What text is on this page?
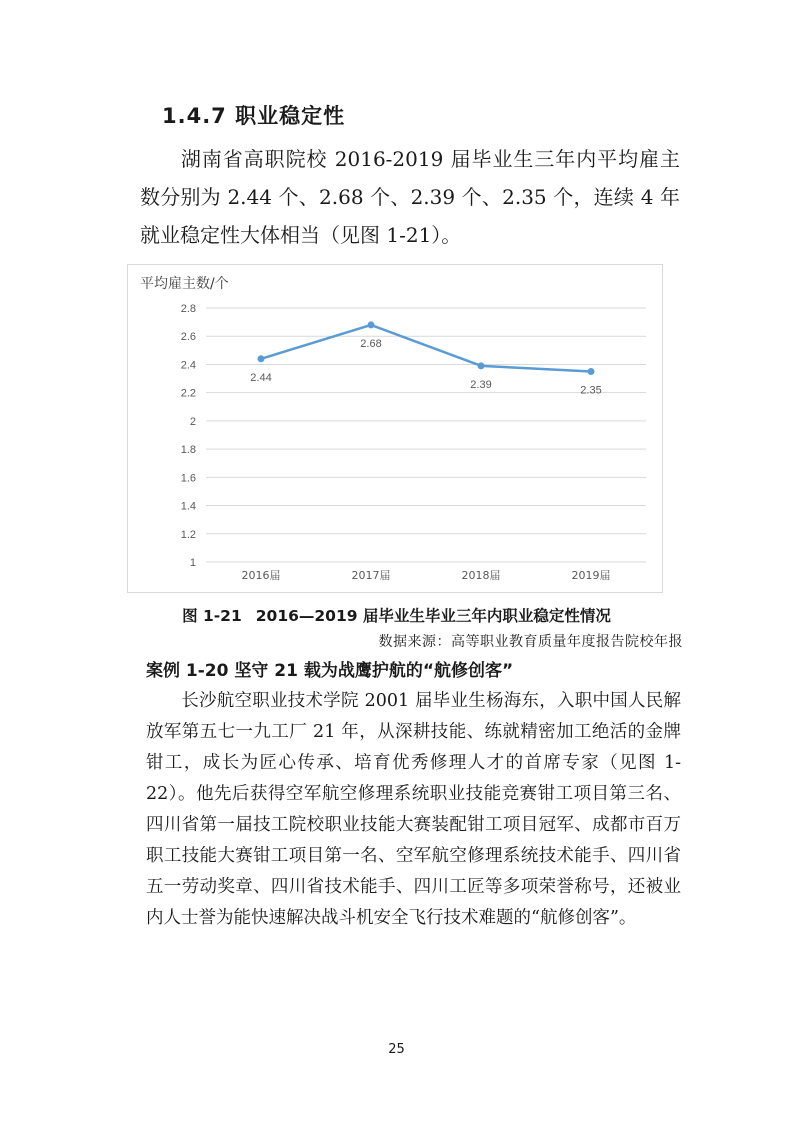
1.4.7 职业稳定性

湖南省高职院校 2016-2019 届毕业生三年内平均雇主数分别为 2.44 个、2.68 个、2.39 个、2.35 个，连续 4 年就业稳定性大体相当（见图 1-21）。

平均雇主数/个

1
1.2
1.4
1.6
1.8
2
2.2
2.4
2.6
2.8
2016届	2017届	2018届	2019届
2.44
2.68
2.39	2.35

图 1-21 2016—2019 届毕业生毕业三年内职业稳定性情况

数据来源：高等职业教育质量年度报告院校年报

案例 1-20 坚守 21 载为战鹰护航的“航修创客”

长沙航空职业技术学院 2001 届毕业生杨海东，入职中国人民解放军第五七一九工厂 21 年，从深耕技能、练就精密加工绝活的金牌钳工，成长为匠心传承、培育优秀修理人才的首席专家（见图 1-22）。他先后获得空军航空修理系统职业技能竞赛钳工项目第三名、四川省第一届技工院校职业技能大赛装配钳工项目冠军、成都市百万职工技能大赛钳工项目第一名、空军航空修理系统技术能手、四川省五一劳动奖章、四川省技术能手、四川工匠等多项荣誉称号，还被业内人士誉为能快速解决战斗机安全飞行技术难题的“航修创客”。

25
